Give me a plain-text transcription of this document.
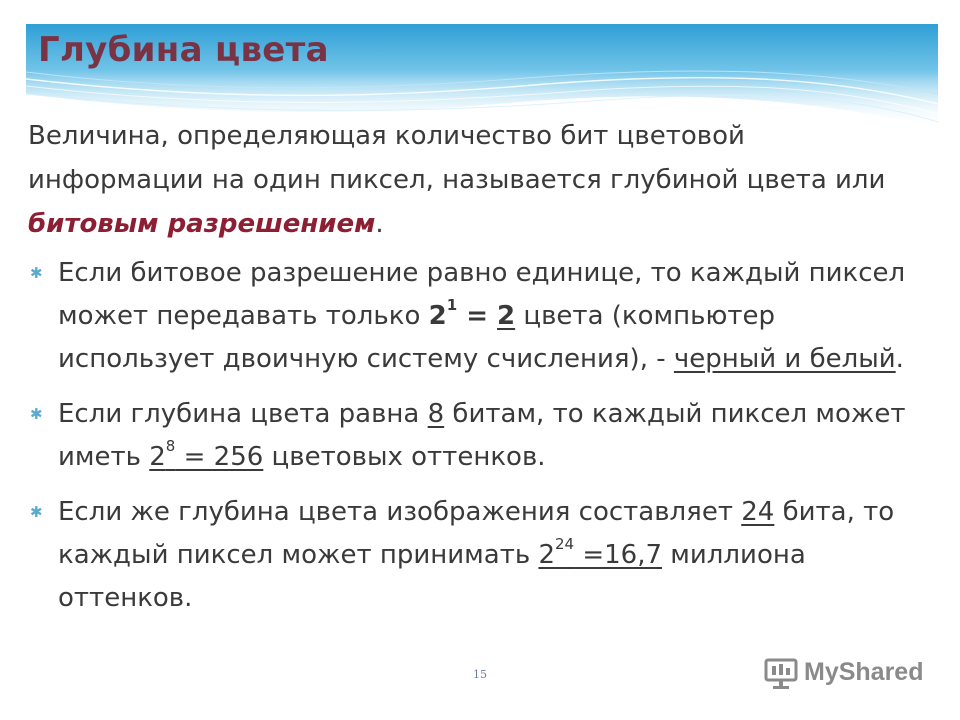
Глубина цвета

Величина, определяющая количество бит цветовой информации на один пиксел, называется глубиной цвета или битовым разрешением.

✱ Если битовое разрешение равно единице, то каждый пиксел может передавать только $2^1 = 2$ цвета (компьютер использует двоичную систему счисления), - черный и белый.
✱ Если глубина цвета равна 8 битам, то каждый пиксел может иметь $2^8 = 256$ цветовых оттенков.
✱ Если же глубина цвета изображения составляет 24 бита, то каждый пиксел может принимать $2^{24} =16,7$ миллиона оттенков.
15	MyShared
